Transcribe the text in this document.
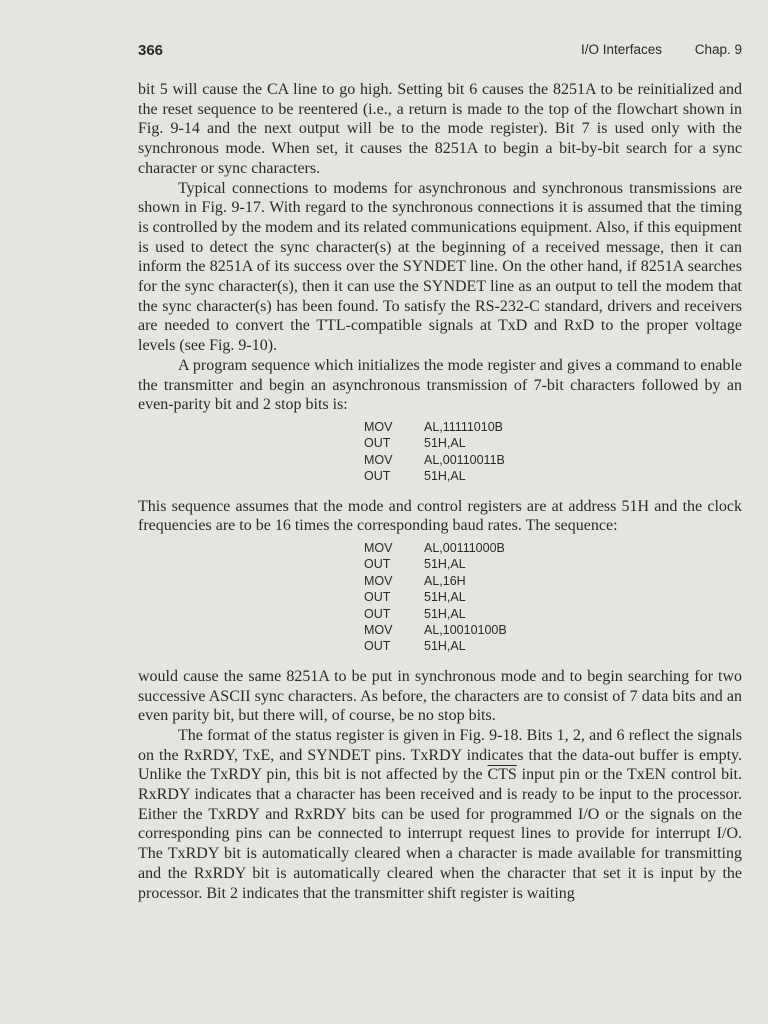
366	I/O Interfaces Chap. 9

bit 5 will cause the CA line to go high. Setting bit 6 causes the 8251A to be reinitialized and the reset sequence to be reentered (i.e., a return is made to the top of the flowchart shown in Fig. 9-14 and the next output will be to the mode register). Bit 7 is used only with the synchronous mode. When set, it causes the 8251A to begin a bit-by-bit search for a sync character or sync characters.

Typical connections to modems for asynchronous and synchronous transmissions are shown in Fig. 9-17. With regard to the synchronous connections it is assumed that the timing is controlled by the modem and its related communications equipment. Also, if this equipment is used to detect the sync character(s) at the beginning of a received message, then it can inform the 8251A of its success over the SYNDET line. On the other hand, if 8251A searches for the sync character(s), then it can use the SYNDET line as an output to tell the modem that the sync character(s) has been found. To satisfy the RS-232-C standard, drivers and receivers are needed to convert the TTL-compatible signals at TxD and RxD to the proper voltage levels (see Fig. 9-10).

A program sequence which initializes the mode register and gives a command to enable the transmitter and begin an asynchronous transmission of 7-bit characters followed by an even-parity bit and 2 stop bits is:

MOV	AL,11111010B
OUT	51H,AL
MOV	AL,00110011B
OUT	51H,AL

This sequence assumes that the mode and control registers are at address 51H and the clock frequencies are to be 16 times the corresponding baud rates. The sequence:

MOV	AL,00111000B
OUT	51H,AL
MOV	AL,16H
OUT	51H,AL
OUT	51H,AL
MOV	AL,10010100B
OUT	51H,AL

would cause the same 8251A to be put in synchronous mode and to begin searching for two successive ASCII sync characters. As before, the characters are to consist of 7 data bits and an even parity bit, but there will, of course, be no stop bits.

The format of the status register is given in Fig. 9-18. Bits 1, 2, and 6 reflect the signals on the RxRDY, TxE, and SYNDET pins. TxRDY indicates that the data-out buffer is empty. Unlike the TxRDY pin, this bit is not affected by the $\overline{CTS}$ input pin or the TxEN control bit. RxRDY indicates that a character has been received and is ready to be input to the processor. Either the TxRDY and RxRDY bits can be used for programmed I/O or the signals on the corresponding pins can be connected to interrupt request lines to provide for interrupt I/O. The TxRDY bit is automatically cleared when a character is made available for transmitting and the RxRDY bit is automatically cleared when the character that set it is input by the processor. Bit 2 indicates that the transmitter shift register is waiting
